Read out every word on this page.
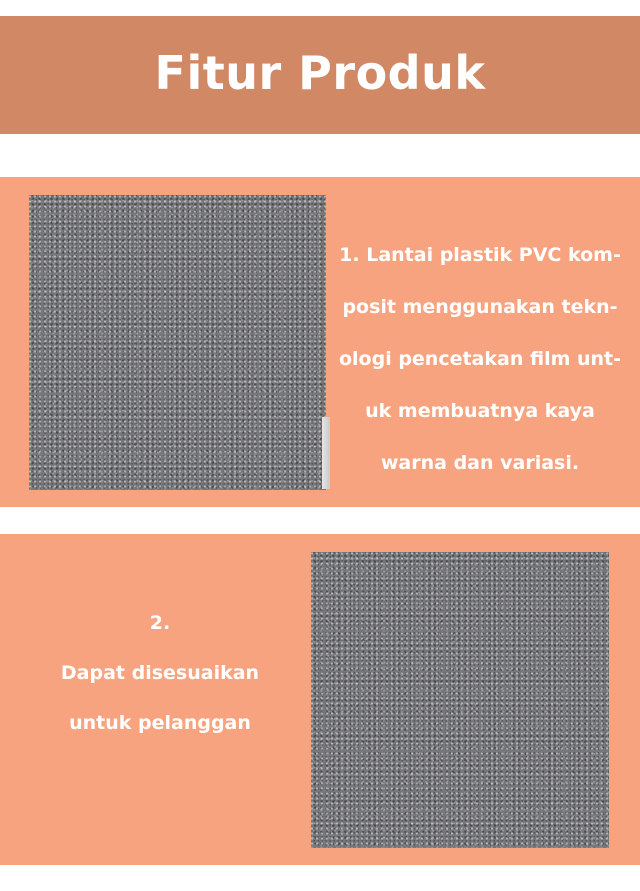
Fitur Produk
1. Lantai plastik PVC kom-
posit menggunakan tekn-
ologi pencetakan film unt-
uk membuatnya kaya
warna dan variasi.
2.
Dapat disesuaikan
untuk pelanggan
